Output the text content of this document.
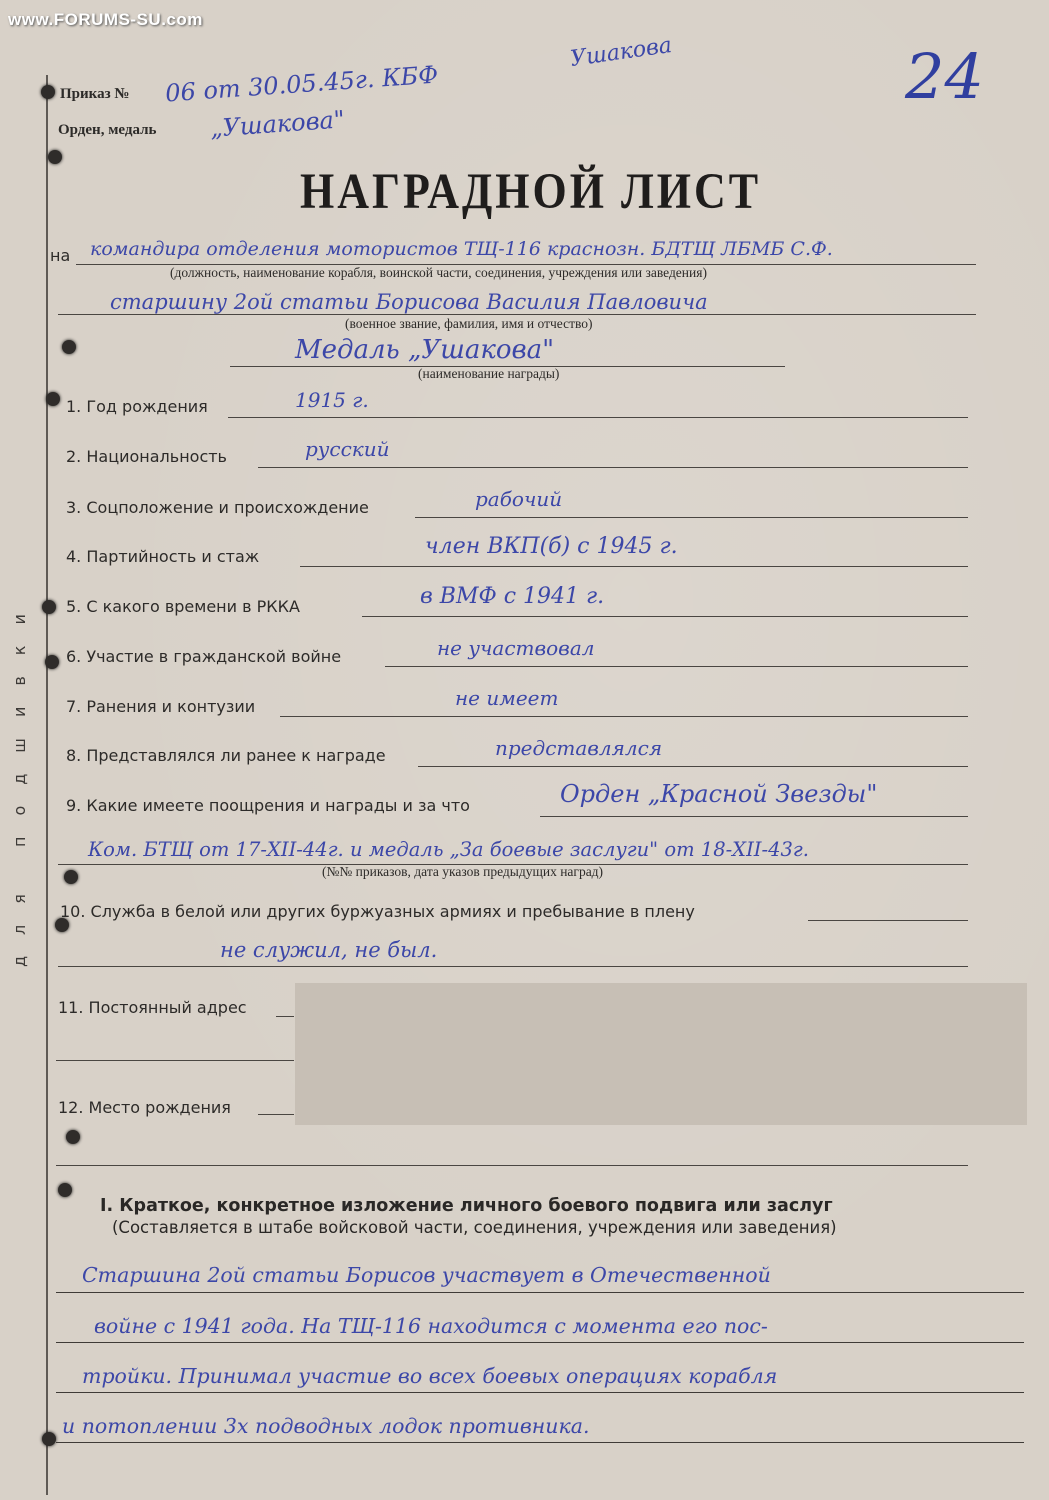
www.FORUMS-SU.com
24
для подшивки
Приказ № 06 от 30.05.45г. КБФ
Ушакова
Орден, медаль „Ушакова"
НАГРАДНОЙ ЛИСТ
на командира отделения мотористов ТЩ-116 краснозн. БДТЩ ЛБМБ С.Ф.
(должность, наименование корабля, воинской части, соединения, учреждения или заведения)
старшину 2ой статьи Борисова Василия Павловича
(военное звание, фамилия, имя и отчество)
Медаль „Ушакова"
(наименование награды)
1. Год рождения	1915 г.
2. Национальность	русский
3. Соцположение и происхождение	рабочий
4. Партийность и стаж	член ВКП(б) с 1945 г.
5. С какого времени в РККА	в ВМФ с 1941 г.
6. Участие в гражданской войне	не участвовал
7. Ранения и контузии	не имеет
8. Представлялся ли ранее к награде	представлялся
9. Какие имеете поощрения и награды и за что	Орден „Красной Звезды"
Ком. БТЩ от 17-XII-44г. и медаль „За боевые заслуги" от 18-XII-43г.
(№№ приказов, дата указов предыдущих наград)
10. Служба в белой или других буржуазных армиях и пребывание в плену
не служил, не был.
11. Постоянный адрес
12. Место рождения
I. Краткое, конкретное изложение личного боевого подвига или заслуг
(Составляется в штабе войсковой части, соединения, учреждения или заведения)
Старшина 2ой статьи Борисов участвует в Отечественной
войне с 1941 года. На ТЩ-116 находится с момента его пос-
тройки. Принимал участие во всех боевых операциях корабля
и потоплении 3х подводных лодок противника.
